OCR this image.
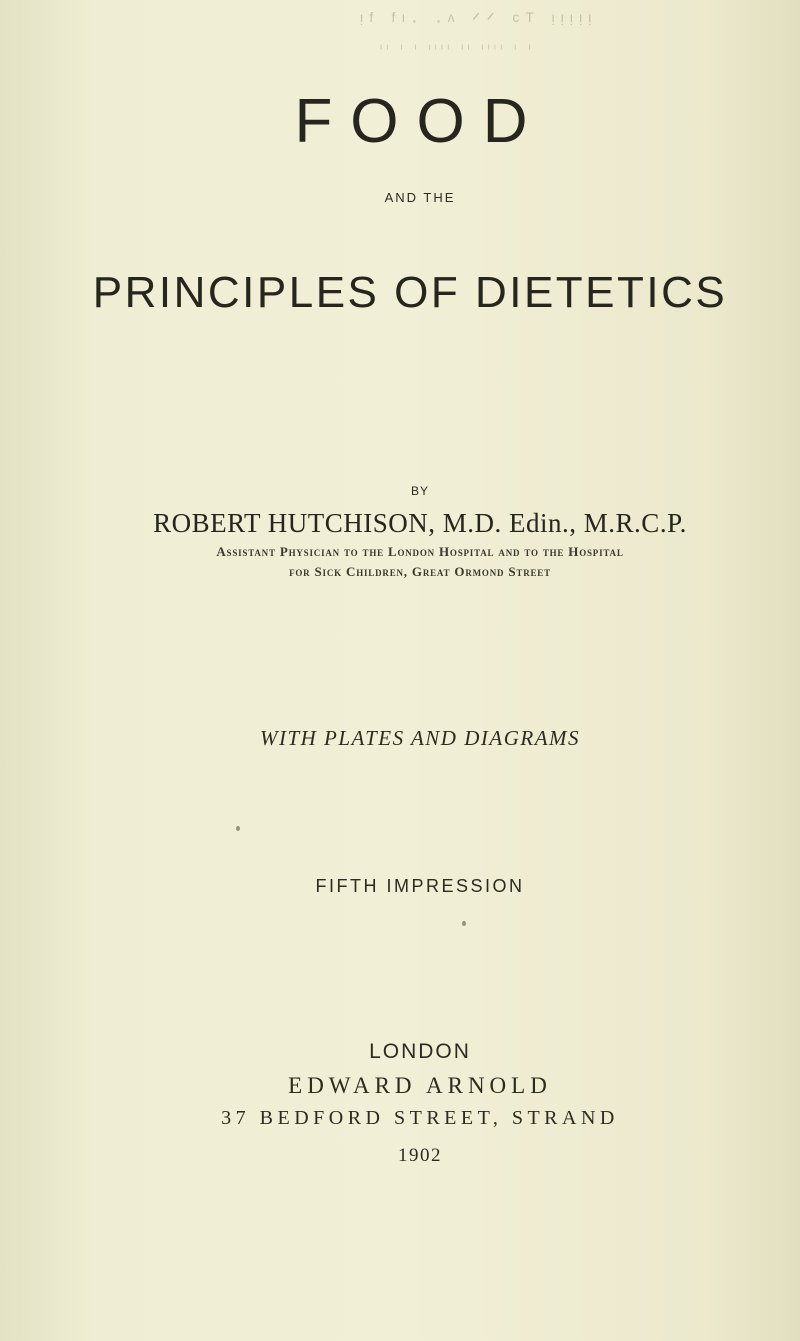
ᵎᶠ ᶠᶦ· ·ᶺ ᐟᐟ ᶜᵀ ᵎᵎᵎᵎᵎ
ᶦᶦ ᶦ ᶦ ᶦᶦᶦᶦ ᶦᶦ ᶦᶦᶦᶦ ᶦ ᶦ
FOOD
AND THE
PRINCIPLES OF DIETETICS
BY
ROBERT HUTCHISON, M.D. Edin., M.R.C.P.
Assistant Physician to the London Hospital and to the Hospital
for Sick Children, Great Ormond Street
WITH PLATES AND DIAGRAMS
FIFTH IMPRESSION
LONDON
EDWARD ARNOLD
37 BEDFORD STREET, STRAND
1902
